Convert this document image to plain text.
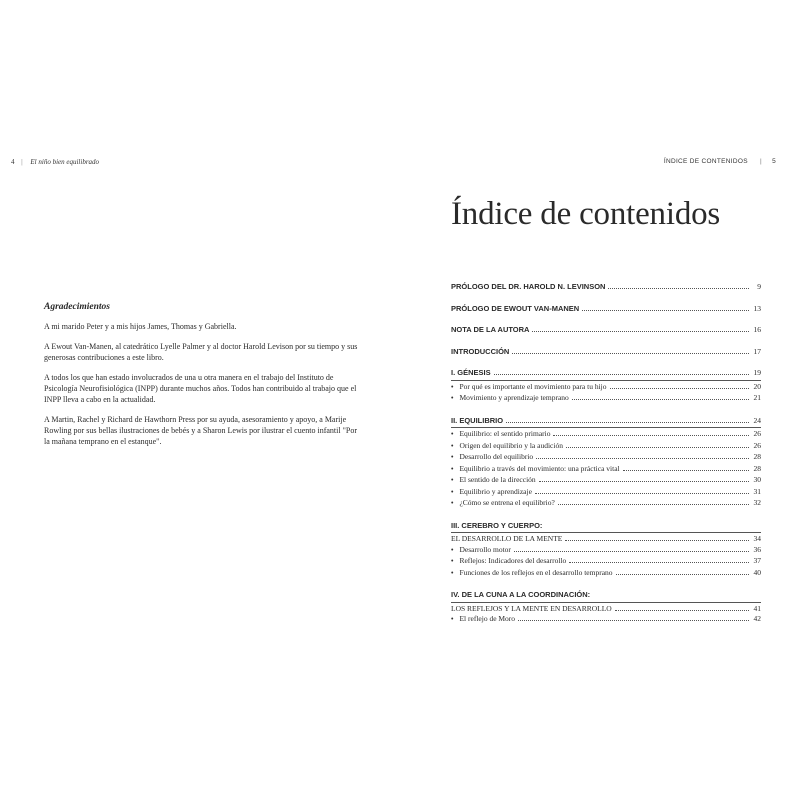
4 | El niño bien equilibrado
Agradecimientos

A mi marido Peter y a mis hijos James, Thomas y Gabriella.

A Ewout Van-Manen, al catedrático Lyelle Palmer y al doctor Harold Levison por su tiempo y sus generosas contribuciones a este libro.

A todos los que han estado involucrados de una u otra manera en el trabajo del Instituto de Psicología Neurofisiológica (INPP) durante muchos años. Todos han contribuido al trabajo que el INPP lleva a cabo en la actualidad.

A Martin, Rachel y Richard de Hawthorn Press por su ayuda, asesoramiento y apoyo, a Marije Rowling por sus bellas ilustraciones de bebés y a Sharon Lewis por ilustrar el cuento infantil "Por la mañana temprano en el estanque".

ÍNDICE DE CONTENIDOS | 5
Índice de contenidos
PRÓLOGO DEL DR. HAROLD N. LEVINSON	9
PRÓLOGO DE EWOUT VAN-MANEN	13
NOTA DE LA AUTORA	16
INTRODUCCIÓN	17
I. GÉNESIS	19
• Por qué es importante el movimiento para tu hijo	20
• Movimiento y aprendizaje temprano	21
II. EQUILIBRIO	24
• Equilibrio: el sentido primario	26
• Origen del equilibrio y la audición	26
• Desarrollo del equilibrio	28
• Equilibrio a través del movimiento: una práctica vital	28
• El sentido de la dirección	30
• Equilibrio y aprendizaje	31
• ¿Cómo se entrena el equilibrio?	32
III. CEREBRO Y CUERPO:
EL DESARROLLO DE LA MENTE	34
• Desarrollo motor	36
• Reflejos: Indicadores del desarrollo	37
• Funciones de los reflejos en el desarrollo temprano	40
IV. DE LA CUNA A LA COORDINACIÓN:
LOS REFLEJOS Y LA MENTE EN DESARROLLO	41
• El reflejo de Moro	42
